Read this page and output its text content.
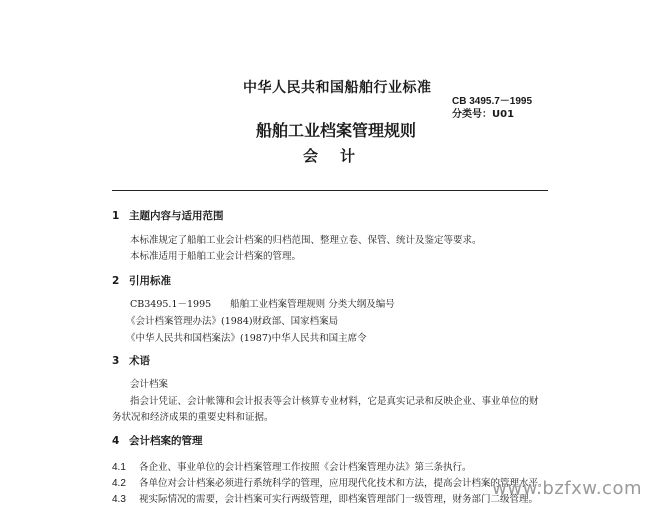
中华人民共和国船舶行业标准
CB 3495.7－1995
分类号：U01
船舶工业档案管理规则
会计
1 主题内容与适用范围
本标准规定了船舶工业会计档案的归档范围、整理立卷、保管、统计及鉴定等要求。
本标准适用于船舶工业会计档案的管理。
2 引用标准
CB3495.1－1995　　船舶工业档案管理规则 分类大纲及编号
《会计档案管理办法》(1984)财政部、国家档案局
《中华人民共和国档案法》(1987)中华人民共和国主席令
3 术语
会计档案
指会计凭证、会计帐簿和会计报表等会计核算专业材料，它是真实记录和反映企业、事业单位的财
务状况和经济成果的重要史料和证据。
4 会计档案的管理
4.1 各企业、事业单位的会计档案管理工作按照《会计档案管理办法》第三条执行。
4.2 各单位对会计档案必须进行系统科学的管理，应用现代化技术和方法，提高会计档案的管理水平。
4.3 视实际情况的需要，会计档案可实行两级管理，即档案管理部门一级管理，财务部门二级管理。
www.bzfxw.com
